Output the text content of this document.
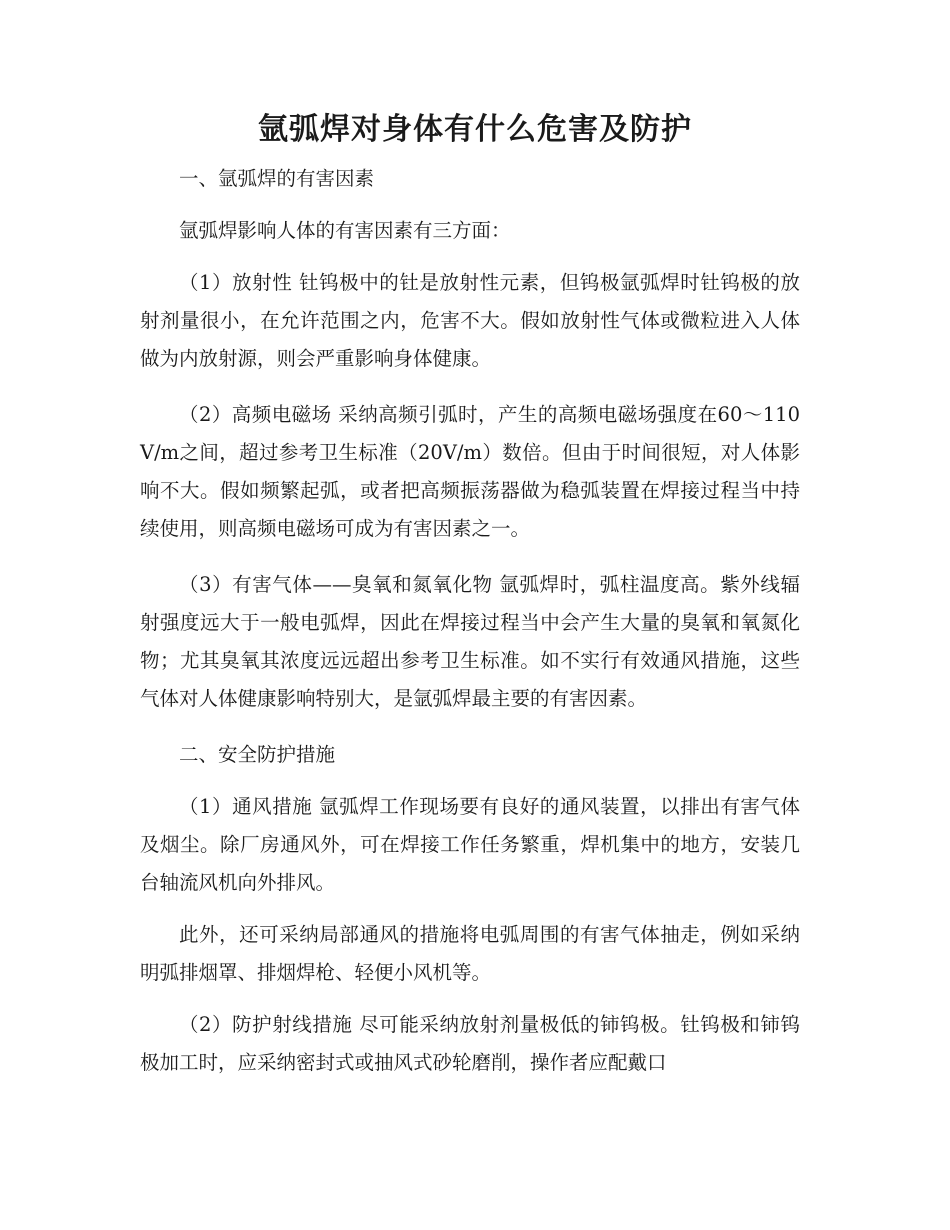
氩弧焊对身体有什么危害及防护

一、氩弧焊的有害因素

氩弧焊影响人体的有害因素有三方面：

（1）放射性 钍钨极中的钍是放射性元素，但钨极氩弧焊时钍钨极的放射剂量很小，在允许范围之内，危害不大。假如放射性气体或微粒进入人体做为内放射源，则会严重影响身体健康。

（2）高频电磁场 采纳高频引弧时，产生的高频电磁场强度在60～110V/m之间，超过参考卫生标准（20V/m）数倍。但由于时间很短，对人体影响不大。假如频繁起弧，或者把高频振荡器做为稳弧装置在焊接过程当中持续使用，则高频电磁场可成为有害因素之一。

（3）有害气体——臭氧和氮氧化物 氩弧焊时，弧柱温度高。紫外线辐射强度远大于一般电弧焊，因此在焊接过程当中会产生大量的臭氧和氧氮化物；尤其臭氧其浓度远远超出参考卫生标准。如不实行有效通风措施，这些气体对人体健康影响特别大，是氩弧焊最主要的有害因素。

二、安全防护措施

（1）通风措施 氩弧焊工作现场要有良好的通风装置，以排出有害气体及烟尘。除厂房通风外，可在焊接工作任务繁重，焊机集中的地方，安装几台轴流风机向外排风。

此外，还可采纳局部通风的措施将电弧周围的有害气体抽走，例如采纳明弧排烟罩、排烟焊枪、轻便小风机等。

（2）防护射线措施 尽可能采纳放射剂量极低的铈钨极。钍钨极和铈钨极加工时，应采纳密封式或抽风式砂轮磨削，操作者应配戴口
